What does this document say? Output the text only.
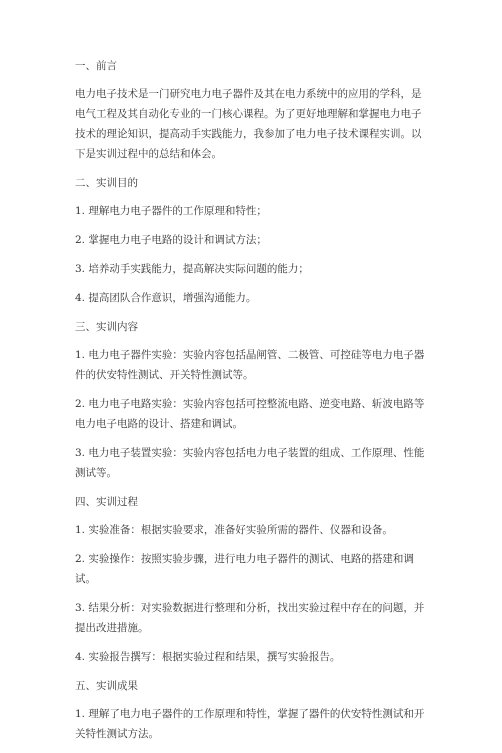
一、前言
电力电子技术是一门研究电力电子器件及其在电力系统中的应用的学科，是电气工程及其自动化专业的一门核心课程。为了更好地理解和掌握电力电子技术的理论知识，提高动手实践能力，我参加了电力电子技术课程实训。以下是实训过程中的总结和体会。
二、实训目的
1. 理解电力电子器件的工作原理和特性；
2. 掌握电力电子电路的设计和调试方法；
3. 培养动手实践能力，提高解决实际问题的能力；
4. 提高团队合作意识，增强沟通能力。
三、实训内容
1. 电力电子器件实验：实验内容包括晶闸管、二极管、可控硅等电力电子器件的伏安特性测试、开关特性测试等。
2. 电力电子电路实验：实验内容包括可控整流电路、逆变电路、斩波电路等电力电子电路的设计、搭建和调试。
3. 电力电子装置实验：实验内容包括电力电子装置的组成、工作原理、性能测试等。
四、实训过程
1. 实验准备：根据实验要求，准备好实验所需的器件、仪器和设备。
2. 实验操作：按照实验步骤，进行电力电子器件的测试、电路的搭建和调试。
3. 结果分析：对实验数据进行整理和分析，找出实验过程中存在的问题，并提出改进措施。
4. 实验报告撰写：根据实验过程和结果，撰写实验报告。
五、实训成果
1. 理解了电力电子器件的工作原理和特性，掌握了器件的伏安特性测试和开关特性测试方法。
